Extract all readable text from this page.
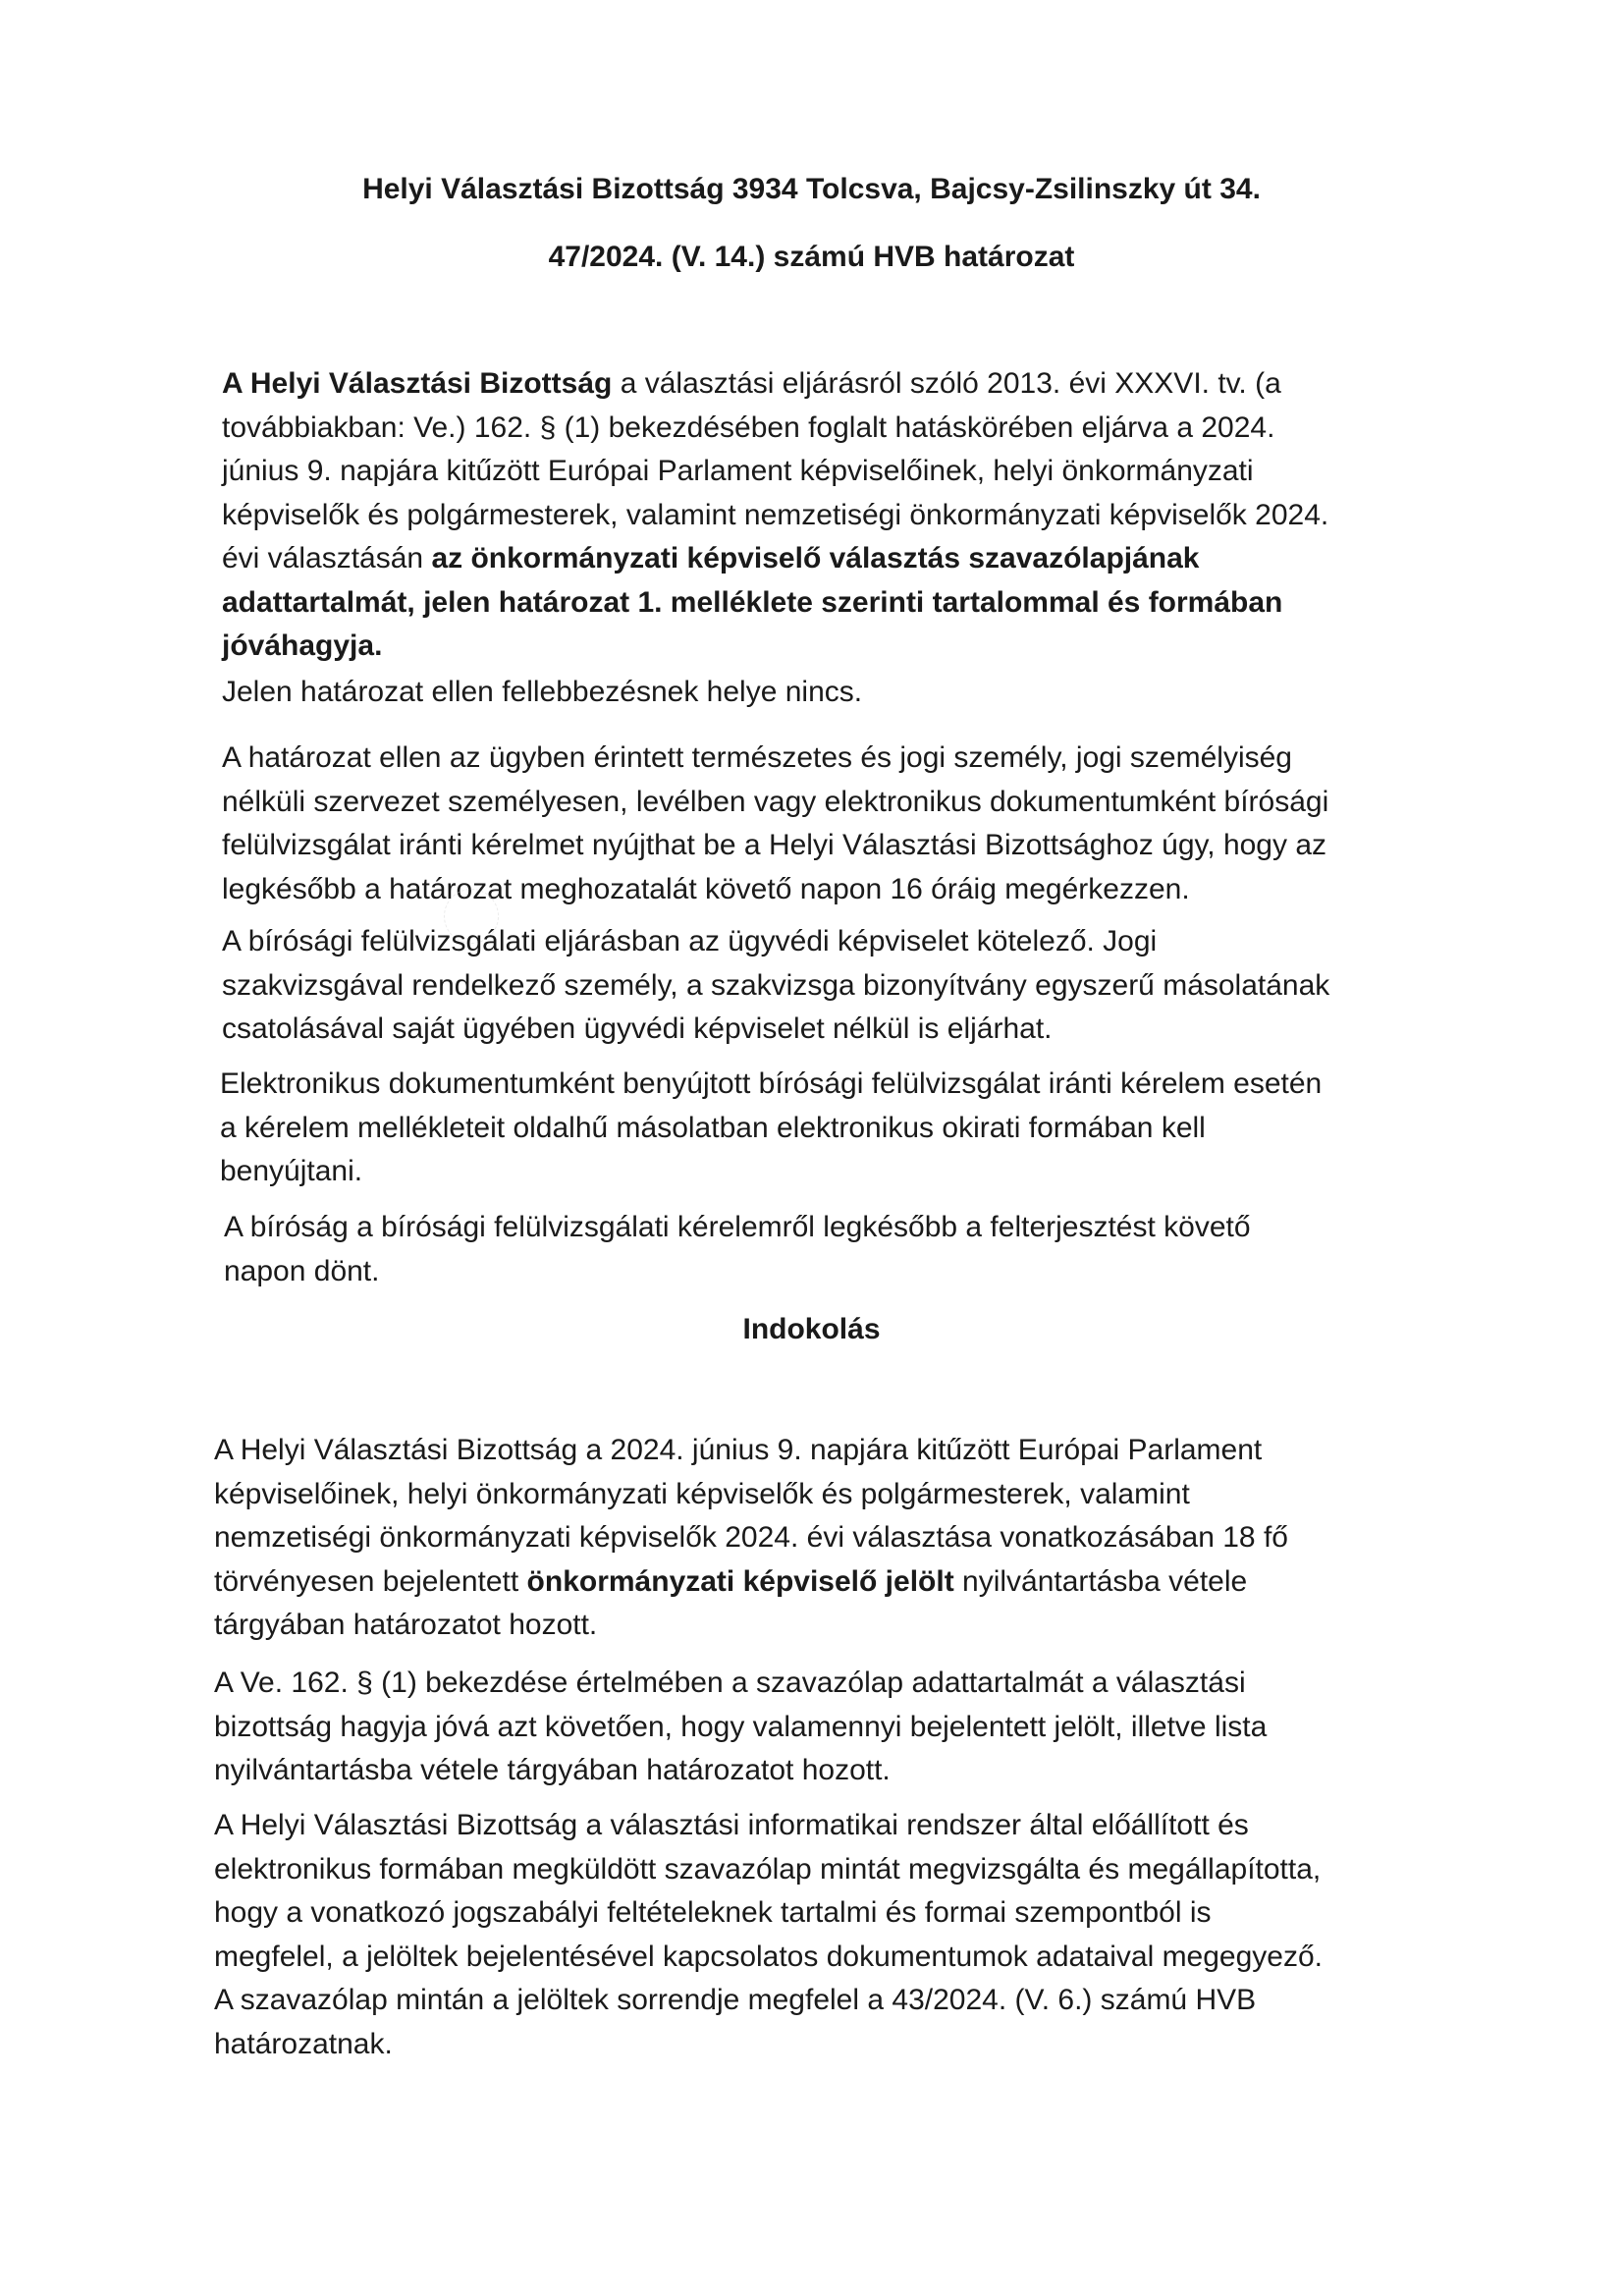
Helyi Választási Bizottság 3934 Tolcsva, Bajcsy-Zsilinszky út 34.
47/2024. (V. 14.) számú HVB határozat
A Helyi Választási Bizottság a választási eljárásról szóló 2013. évi XXXVI. tv. (a
továbbiakban: Ve.) 162. § (1) bekezdésében foglalt hatáskörében eljárva a 2024.
június 9. napjára kitűzött Európai Parlament képviselőinek, helyi önkormányzati
képviselők és polgármesterek, valamint nemzetiségi önkormányzati képviselők 2024.
évi választásán az önkormányzati képviselő választás szavazólapjának
adattartalmát, jelen határozat 1. melléklete szerinti tartalommal és formában
jóváhagyja.
Jelen határozat ellen fellebbezésnek helye nincs.
A határozat ellen az ügyben érintett természetes és jogi személy, jogi személyiség
nélküli szervezet személyesen, levélben vagy elektronikus dokumentumként bírósági
felülvizsgálat iránti kérelmet nyújthat be a Helyi Választási Bizottsághoz úgy, hogy az
legkésőbb a határozat meghozatalát követő napon 16 óráig megérkezzen.
A bírósági felülvizsgálati eljárásban az ügyvédi képviselet kötelező. Jogi
szakvizsgával rendelkező személy, a szakvizsga bizonyítvány egyszerű másolatának
csatolásával saját ügyében ügyvédi képviselet nélkül is eljárhat.
Elektronikus dokumentumként benyújtott bírósági felülvizsgálat iránti kérelem esetén
a kérelem mellékleteit oldalhű másolatban elektronikus okirati formában kell
benyújtani.
A bíróság a bírósági felülvizsgálati kérelemről legkésőbb a felterjesztést követő
napon dönt.
Indokolás
A Helyi Választási Bizottság a 2024. június 9. napjára kitűzött Európai Parlament
képviselőinek, helyi önkormányzati képviselők és polgármesterek, valamint
nemzetiségi önkormányzati képviselők 2024. évi választása vonatkozásában 18 fő
törvényesen bejelentett önkormányzati képviselő jelölt nyilvántartásba vétele
tárgyában határozatot hozott.
A Ve. 162. § (1) bekezdése értelmében a szavazólap adattartalmát a választási
bizottság hagyja jóvá azt követően, hogy valamennyi bejelentett jelölt, illetve lista
nyilvántartásba vétele tárgyában határozatot hozott.
A Helyi Választási Bizottság a választási informatikai rendszer által előállított és
elektronikus formában megküldött szavazólap mintát megvizsgálta és megállapította,
hogy a vonatkozó jogszabályi feltételeknek tartalmi és formai szempontból is
megfelel, a jelöltek bejelentésével kapcsolatos dokumentumok adataival megegyező.
A szavazólap mintán a jelöltek sorrendje megfelel a 43/2024. (V. 6.) számú HVB
határozatnak.
